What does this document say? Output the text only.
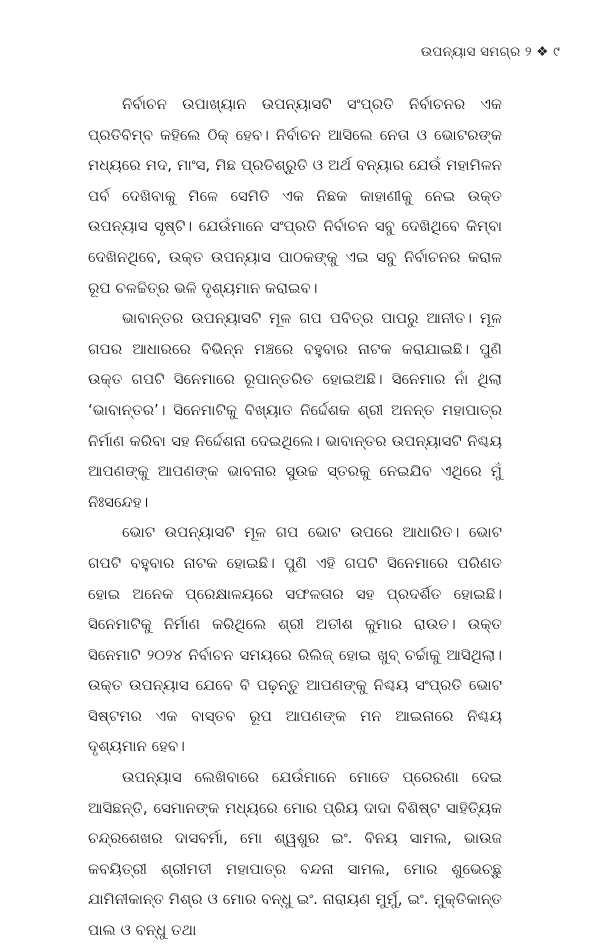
ଉପନ୍ୟାସ ସମଗ୍ର ୨ ❖ ୯

ନିର୍ବାଚନ ଉପାଖ୍ୟାନ ଉପନ୍ୟାସଟି ସଂପ୍ରତି ନିର୍ବାଚନର ଏକ ପ୍ରତିବିମ୍ବ କହିଲେ ଠିକ୍ ହେବ। ନିର୍ବାଚନ ଆସିଲେ ନେତା ଓ ଭୋଟରଙ୍କ ମଧ୍ୟରେ ମଦ, ମାଂସ, ମିଛ ପ୍ରତିଶ୍ରୁତି ଓ ଅର୍ଥ ବନ୍ୟାର ଯେଉଁ ମହାମିଳନ ପର୍ବ ଦେଖିବାକୁ ମିଳେ ସେମିତି ଏକ ନିଛକ କାହାଣୀକୁ ନେଇ ଉକ୍ତ ଉପନ୍ୟାସ ସୃଷ୍ଟି। ଯେଉଁମାନେ ସଂପ୍ରତି ନିର୍ବାଚନ ସବୁ ଦେଖିଥିବେ କିମ୍ବା ଦେଖିନଥିବେ, ଉକ୍ତ ଉପନ୍ୟାସ ପାଠକଙ୍କୁ ଏଇ ସବୁ ନିର୍ବାଚନର କରାଳ ରୂପ ଚଳଚ୍ଚିତ୍ର ଭଳି ଦୃଶ୍ୟମାନ କରାଇବ।

ଭାବାନ୍ତର ଉପନ୍ୟାସଟି ମୂଳ ଗପ ପବିତ୍ର ପାପରୁ ଆନୀତ। ମୂଳ ଗପର ଆଧାରରେ ବିଭିନ୍ନ ମଞ୍ଚରେ ବହୁବାର ନାଟକ କରାଯାଇଛି। ପୁଣି ଉକ୍ତ ଗପଟି ସିନେମାରେ ରୂପାନ୍ତରିତ ହୋଇଅଛି। ସିନେମାର ନାଁ ଥିଲା ‘ଭାବାନ୍ତର’। ସିନେମାଟିକୁ ବିଖ୍ୟାତ ନିର୍ଦ୍ଦେଶକ ଶ୍ରୀ ଅନନ୍ତ ମହାପାତ୍ର ନିର୍ମାଣ କରିବା ସହ ନିର୍ଦ୍ଦେଶନା ଦେଇଥିଲେ। ଭାବାନ୍ତର ଉପନ୍ୟାସଟି ନିଶ୍ଚୟ ଆପଣଙ୍କୁ ଆପଣଙ୍କ ଭାବନାର ସୁଉଚ୍ଚ ସ୍ତରକୁ ନେଇଯିବ ଏଥିରେ ମୁଁ ନିଃସନ୍ଦେହ।

ଭୋଟ ଉପନ୍ୟାସଟି ମୂଳ ଗପ ଭୋଟ ଉପରେ ଆଧାରିତ। ଭୋଟ ଗପଟି ବହୁବାର ନାଟକ ହୋଇଛି। ପୁଣି ଏହି ଗପଟି ସିନେମାରେ ପରିଣତ ହୋଇ ଅନେକ ପ୍ରେକ୍ଷାଳୟରେ ସଫଳତାର ସହ ପ୍ରଦର୍ଶିତ ହୋଇଛି। ସିନେମାଟିକୁ ନିର୍ମାଣ କରିଥିଲେ ଶ୍ରୀ ଅତୀଶ କୁମାର ରାଉତ। ଉକ୍ତ ସିନେମାଟି ୨୦୨୪ ନିର୍ବାଚନ ସମୟରେ ରିଲିଜ୍ ହୋଇ ଖୁବ୍ ଚର୍ଚ୍ଚାକୁ ଆସିଥିଲା। ଉକ୍ତ ଉପନ୍ୟାସ ଯେବେ ବି ପଢ଼ନ୍ତୁ ଆପଣଙ୍କୁ ନିଶ୍ଚୟ ସଂପ୍ରତି ଭୋଟ ସିଷ୍ଟମର ଏକ ବାସ୍ତବ ରୂପ ଆପଣଙ୍କ ମନ ଆଇନାରେ ନିଶ୍ଚୟ ଦୃଶ୍ୟମାନ ହେବ।

ଉପନ୍ୟାସ ଲେଖିବାରେ ଯେଉଁମାନେ ମୋତେ ପ୍ରେରଣା ଦେଇ ଆସିଛନ୍ତି, ସେମାନଙ୍କ ମଧ୍ୟରେ ମୋର ପ୍ରିୟ ଦାଦା ବିଶିଷ୍ଟ ସାହିତ୍ୟିକ ଚନ୍ଦ୍ରଶେଖର ଦାସବର୍ମା, ମୋ ଶ୍ୱଶୁର ଇଂ. ବିନୟ ସାମଲ, ଭାଉଜ କବୟିତ୍ରୀ ଶ୍ରୀମତୀ ମହାପାତ୍ର ବନ୍ଦନା ସାମଲ, ମୋର ଶୁଭେଚ୍ଛୁ ଯାମିନୀକାନ୍ତ ମିଶ୍ର ଓ ମୋର ବନ୍ଧୁ ଇଂ. ନାରାୟଣ ମୁର୍ମୁ, ଇଂ. ମୁକ୍ତିକାନ୍ତ ପାଲ ଓ ବନ୍ଧୁ ତଥା
